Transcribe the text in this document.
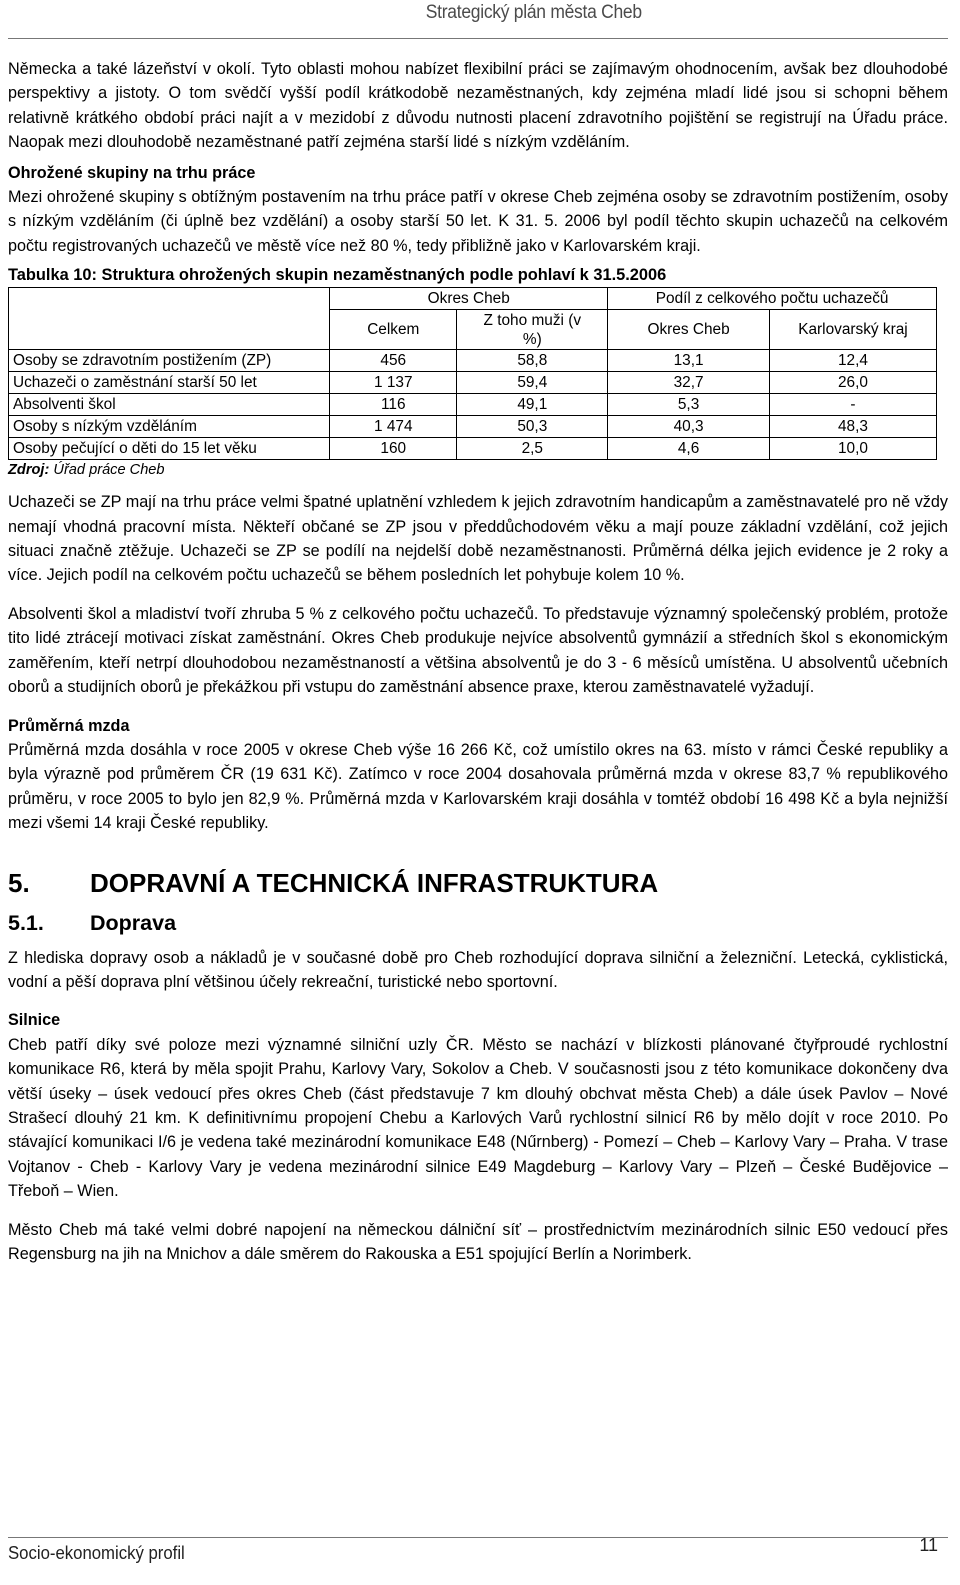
Strategický plán města Cheb

Německa a také lázeňství v okolí. Tyto oblasti mohou nabízet flexibilní práci se zajímavým ohodnocením, avšak bez dlouhodobé perspektivy a jistoty. O tom svědčí vyšší podíl krátkodobě nezaměstnaných, kdy zejména mladí lidé jsou si schopni během relativně krátkého období práci najít a v mezidobí z důvodu nutnosti placení zdravotního pojištění se registrují na Úřadu práce. Naopak mezi dlouhodobě nezaměstnané patří zejména starší lidé s nízkým vzděláním.

Ohrožené skupiny na trhu práce

Mezi ohrožené skupiny s obtížným postavením na trhu práce patří v okrese Cheb zejména osoby se zdravotním postižením, osoby s nízkým vzděláním (či úplně bez vzdělání) a osoby starší 50 let. K 31. 5. 2006 byl podíl těchto skupin uchazečů na celkovém počtu registrovaných uchazečů ve městě více než 80 %, tedy přibližně jako v Karlovarském kraji.

Tabulka 10: Struktura ohrožených skupin nezaměstnaných podle pohlaví k 31.5.2006
	Okres Cheb		Podíl z celkového počtu uchazečů	
	Celkem	Z toho muži (v %)	Okres Cheb	Karlovarský kraj
Osoby se zdravotním postižením (ZP)	456	58,8	13,1	12,4
Uchazeči o zaměstnání starší 50 let	1 137	59,4	32,7	26,0
Absolventi škol	116	49,1	5,3	-
Osoby s nízkým vzděláním	1 474	50,3	40,3	48,3
Osoby pečující o děti do 15 let věku	160	2,5	4,6	10,0
Zdroj: Úřad práce Cheb

Uchazeči se ZP mají na trhu práce velmi špatné uplatnění vzhledem k jejich zdravotním handicapům a zaměstnavatelé pro ně vždy nemají vhodná pracovní místa. Někteří občané se ZP jsou v předdůchodovém věku a mají pouze základní vzdělání, což jejich situaci značně ztěžuje. Uchazeči se ZP se podílí na nejdelší době nezaměstnanosti. Průměrná délka jejich evidence je 2 roky a více. Jejich podíl na celkovém počtu uchazečů se během posledních let pohybuje kolem 10 %.

Absolventi škol a mladiství tvoří zhruba 5 % z celkového počtu uchazečů. To představuje významný společenský problém, protože tito lidé ztrácejí motivaci získat zaměstnání. Okres Cheb produkuje nejvíce absolventů gymnázií a středních škol s ekonomickým zaměřením, kteří netrpí dlouhodobou nezaměstnaností a většina absolventů je do 3 - 6 měsíců umístěna. U absolventů učebních oborů a studijních oborů je překážkou při vstupu do zaměstnání absence praxe, kterou zaměstnavatelé vyžadují.

Průměrná mzda

Průměrná mzda dosáhla v roce 2005 v okrese Cheb výše 16 266 Kč, což umístilo okres na 63. místo v rámci České republiky a byla výrazně pod průměrem ČR (19 631 Kč). Zatímco v roce 2004 dosahovala průměrná mzda v okrese 83,7 % republikového průměru, v roce 2005 to bylo jen 82,9 %. Průměrná mzda v Karlovarském kraji dosáhla v tomtéž období 16 498 Kč a byla nejnižší mezi všemi 14 kraji České republiky.

5. DOPRAVNÍ A TECHNICKÁ INFRASTRUKTURA
5.1. Doprava

Z hlediska dopravy osob a nákladů je v současné době pro Cheb rozhodující doprava silniční a železniční. Letecká, cyklistická, vodní a pěší doprava plní většinou účely rekreační, turistické nebo sportovní.

Silnice

Cheb patří díky své poloze mezi významné silniční uzly ČR. Město se nachází v blízkosti plánované čtyřproudé rychlostní komunikace R6, která by měla spojit Prahu, Karlovy Vary, Sokolov a Cheb. V současnosti jsou z této komunikace dokončeny dva větší úseky – úsek vedoucí přes okres Cheb (část představuje 7 km dlouhý obchvat města Cheb) a dále úsek Pavlov – Nové Strašecí dlouhý 21 km. K definitivnímu propojení Chebu a Karlových Varů rychlostní silnicí R6 by mělo dojít v roce 2010. Po stávající komunikaci I/6 je vedena také mezinárodní komunikace E48 (Nűrnberg) - Pomezí – Cheb – Karlovy Vary – Praha. V trase Vojtanov - Cheb - Karlovy Vary je vedena mezinárodní silnice E49 Magdeburg – Karlovy Vary – Plzeň – České Budějovice – Třeboň – Wien.

Město Cheb má také velmi dobré napojení na německou dálniční síť – prostřednictvím mezinárodních silnic E50 vedoucí přes Regensburg na jih na Mnichov a dále směrem do Rakouska a E51 spojující Berlín a Norimberk.

Socio-ekonomický profil	11
